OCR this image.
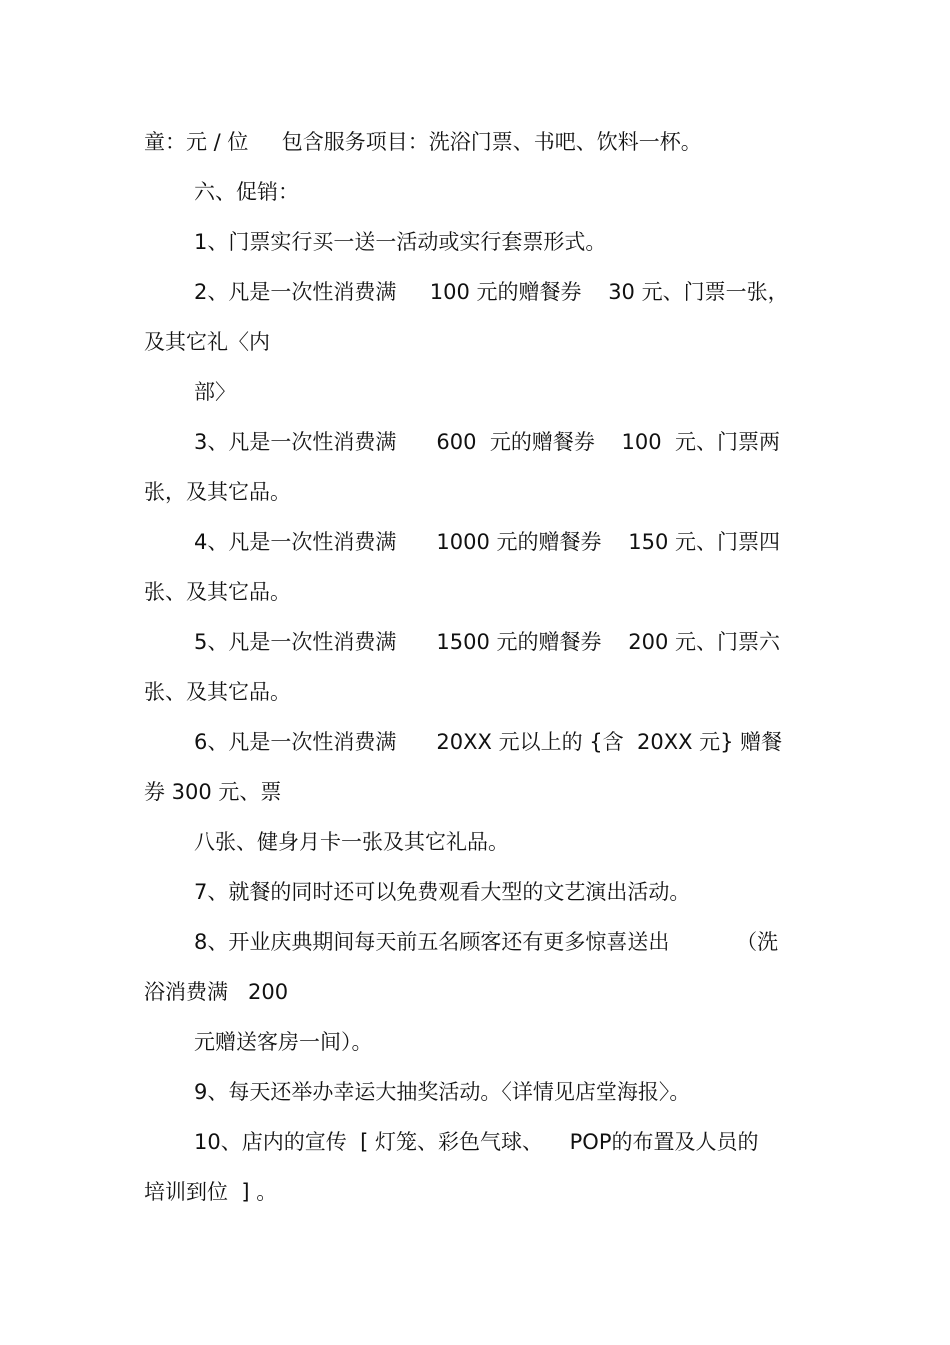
童：元 / 位     包含服务项目：洗浴门票、书吧、饮料一杯。
六、促销：
1、门票实行买一送一活动或实行套票形式。
2、凡是一次性消费满     100 元的赠餐券    30 元、门票一张，
及其它礼〈内
部〉
3、凡是一次性消费满      600  元的赠餐券    100  元、门票两
张，及其它品。
4、凡是一次性消费满      1000 元的赠餐券    150 元、门票四
张、及其它品。
5、凡是一次性消费满      1500 元的赠餐券    200 元、门票六
张、及其它品。
6、凡是一次性消费满      20XX 元以上的 {含  20XX 元} 赠餐
券 300 元、票
八张、健身月卡一张及其它礼品。
7、就餐的同时还可以免费观看大型的文艺演出活动。
8、开业庆典期间每天前五名顾客还有更多惊喜送出          （洗
浴消费满   200
元赠送客房一间）。
9、每天还举办幸运大抽奖活动。〈详情见店堂海报〉。
10、店内的宣传  [ 灯笼、彩色气球、    POP的布置及人员的
培训到位  ] 。
